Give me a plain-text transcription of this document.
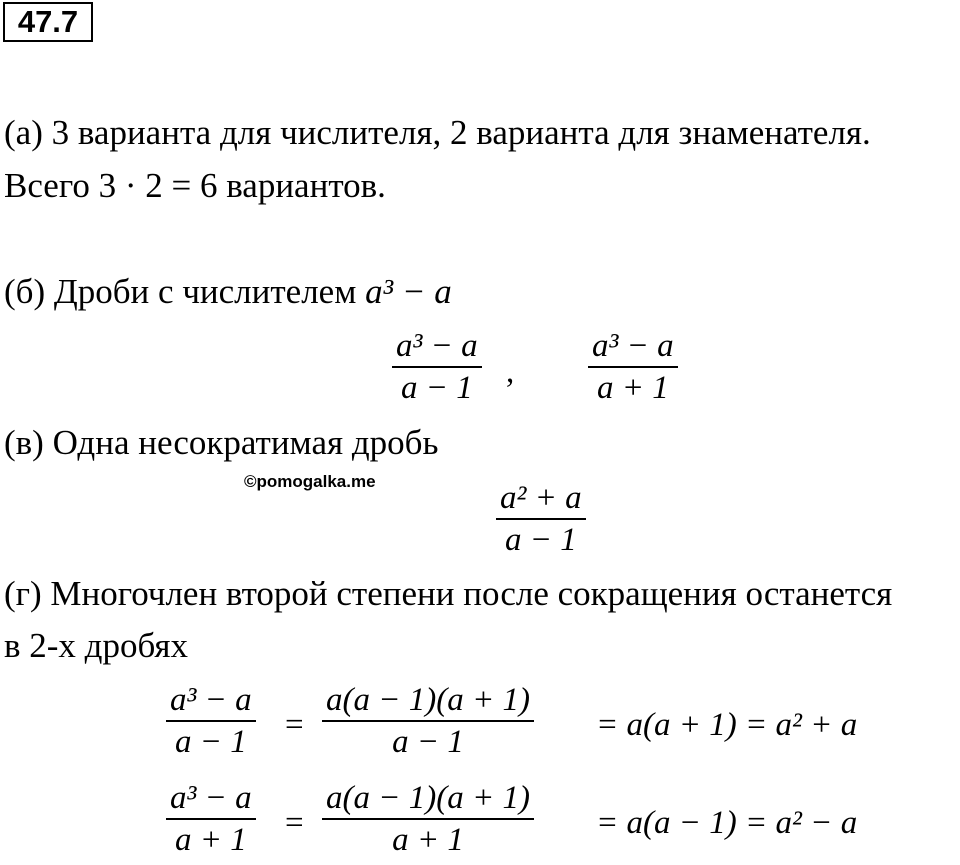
47.7
(а) 3 варианта для числителя, 2 варианта для знаменателя.
Всего 3 · 2 = 6 вариантов.
(б) Дроби с числителем a³ − a
a³ − a
a − 1 ,
a³ − a
a + 1
(в) Одна несократимая дробь
©pomogalka.me	a² + a
a − 1
(г) Многочлен второй степени после сокращения останется
в 2-х дробях
a³ − a
a − 1 =
a(a − 1)(a + 1)
a − 1	= a(a + 1) = a² + a
a³ − a
a + 1 =
a(a − 1)(a + 1)
a + 1	= a(a − 1) = a² − a
